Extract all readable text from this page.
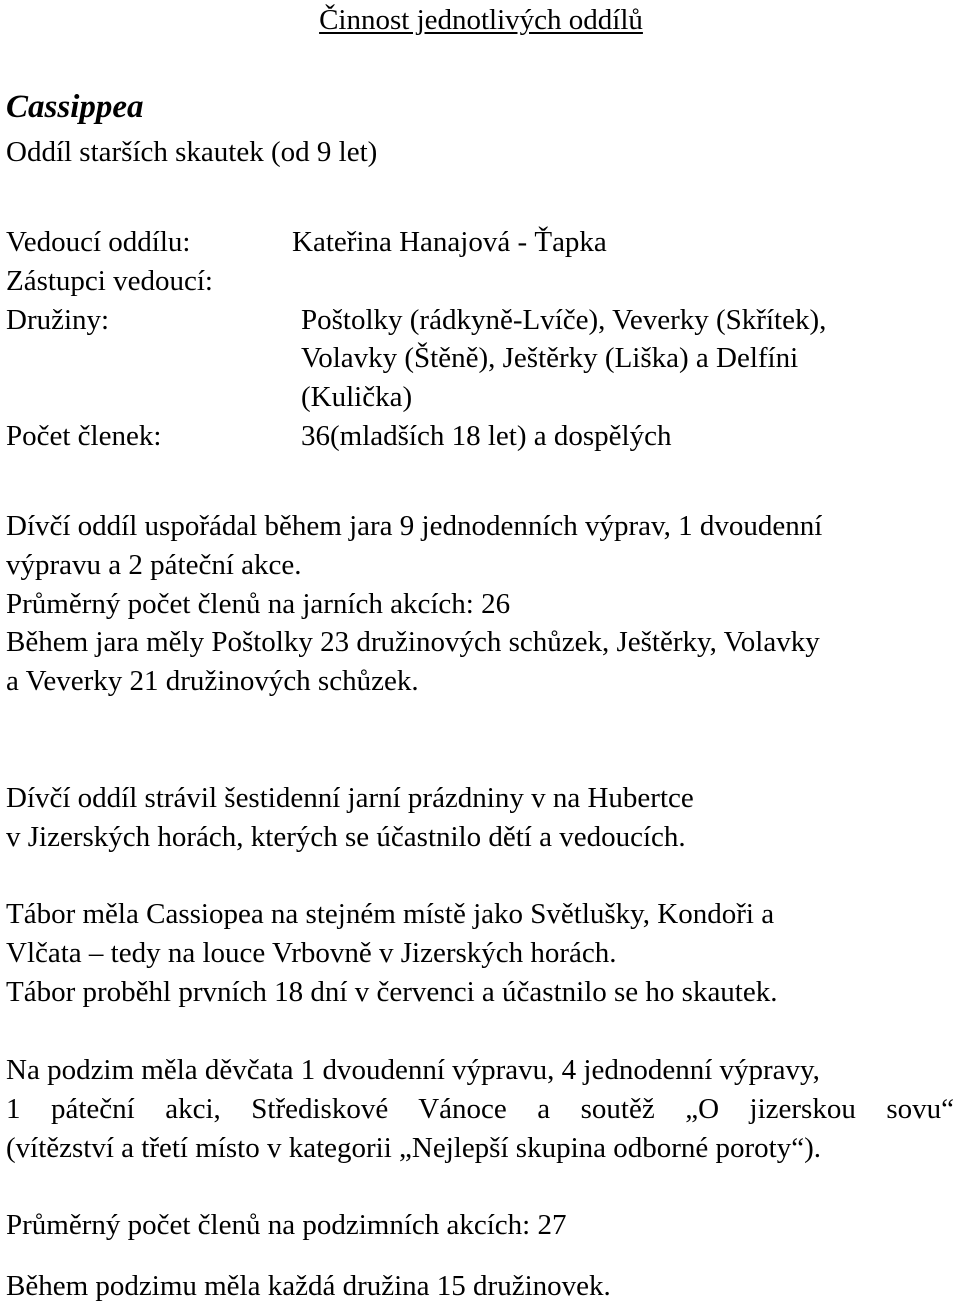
Činnost jednotlivých oddílů
Cassippea
Oddíl starších skautek (od 9 let)
Vedoucí oddílu:	Kateřina Hanajová - Ťapka
Zástupci vedoucí:
Družiny:	Poštolky (rádkyně-Lvíče), Veverky (Skřítek),
Volavky (Štěně), Ještěrky (Liška) a Delfíni
(Kulička)
Počet členek:	36(mladších 18 let) a dospělých
Dívčí oddíl uspořádal během jara 9 jednodenních výprav, 1 dvoudenní
výpravu a 2 páteční akce.
Průměrný počet členů na jarních akcích: 26
Během jara měly Poštolky 23 družinových schůzek, Ještěrky, Volavky
a Veverky 21 družinových schůzek.
Dívčí oddíl strávil šestidenní jarní prázdniny v na Hubertce
v Jizerských horách, kterých se účastnilo dětí a vedoucích.
Tábor měla Cassiopea na stejném místě jako Světlušky, Kondoři a
Vlčata – tedy na louce Vrbovně v Jizerských horách.
Tábor proběhl prvních 18 dní v červenci a účastnilo se ho skautek.
Na podzim měla děvčata 1 dvoudenní výpravu, 4 jednodenní výpravy,
1 páteční akci, Střediskové Vánoce a soutěž „O jizerskou sovu“
(vítězství a třetí místo v kategorii „Nejlepší skupina odborné poroty“).
Průměrný počet členů na podzimních akcích: 27
Během podzimu měla každá družina 15 družinovek.
